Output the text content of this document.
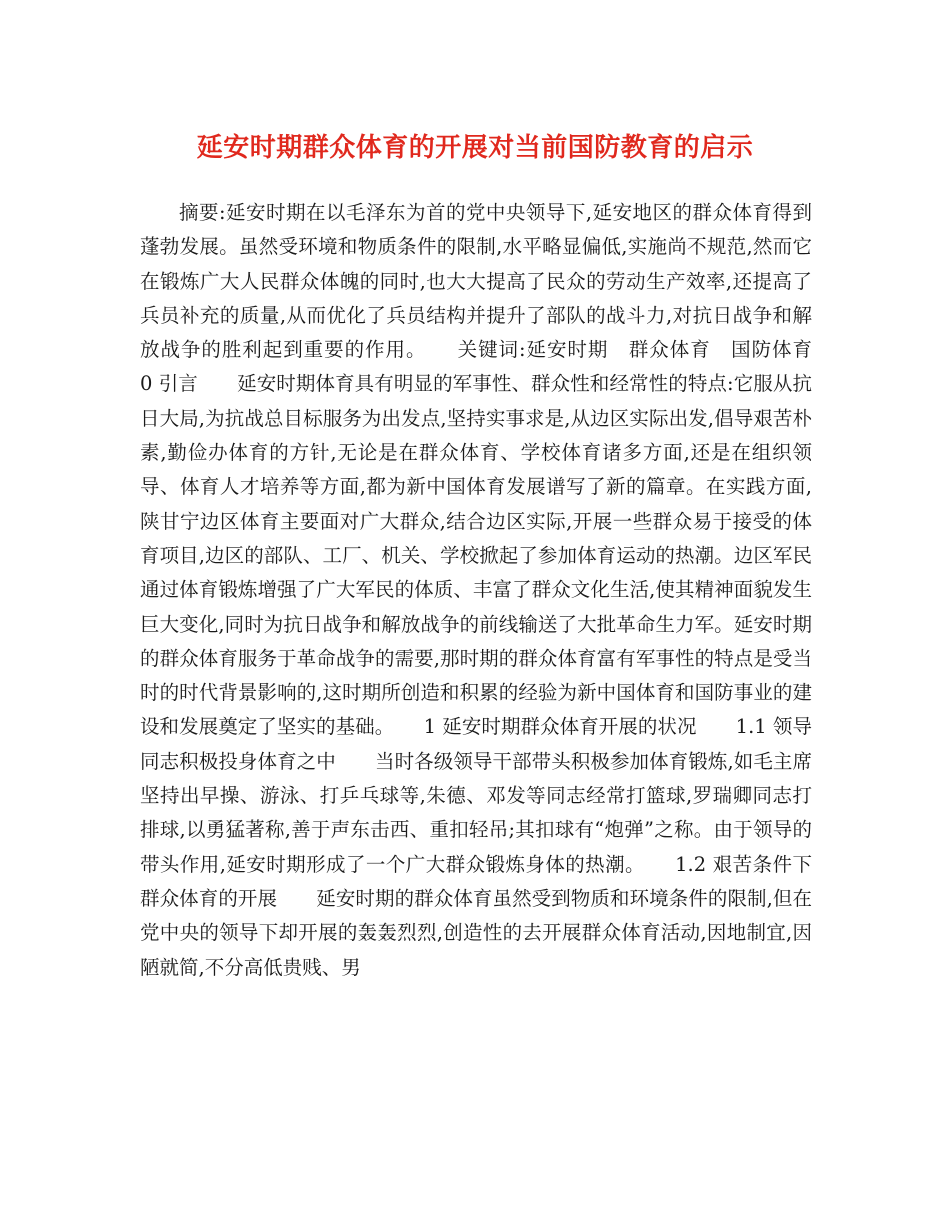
延安时期群众体育的开展对当前国防教育的启示

摘要:延安时期在以毛泽东为首的党中央领导下,延安地区的群众体育得到蓬勃发展。虽然受环境和物质条件的限制,水平略显偏低,实施尚不规范,然而它在锻炼广大人民群众体魄的同时,也大大提高了民众的劳动生产效率,还提高了兵员补充的质量,从而优化了兵员结构并提升了部队的战斗力,对抗日战争和解放战争的胜利起到重要的作用。　　关键词:延安时期　群众体育　国防体育　　　　0 引言　　延安时期体育具有明显的军事性、群众性和经常性的特点:它服从抗日大局,为抗战总目标服务为出发点,坚持实事求是,从边区实际出发,倡导艰苦朴素,勤俭办体育的方针,无论是在群众体育、学校体育诸多方面,还是在组织领导、体育人才培养等方面,都为新中国体育发展谱写了新的篇章。在实践方面,陕甘宁边区体育主要面对广大群众,结合边区实际,开展一些群众易于接受的体育项目,边区的部队、工厂、机关、学校掀起了参加体育运动的热潮。边区军民通过体育锻炼增强了广大军民的体质、丰富了群众文化生活,使其精神面貌发生巨大变化,同时为抗日战争和解放战争的前线输送了大批革命生力军。延安时期的群众体育服务于革命战争的需要,那时期的群众体育富有军事性的特点是受当时的时代背景影响的,这时期所创造和积累的经验为新中国体育和国防事业的建设和发展奠定了坚实的基础。　　1 延安时期群众体育开展的状况　　1.1 领导同志积极投身体育之中　　当时各级领导干部带头积极参加体育锻炼,如毛主席坚持出早操、游泳、打乒乓球等,朱德、邓发等同志经常打篮球,罗瑞卿同志打排球,以勇猛著称,善于声东击西、重扣轻吊;其扣球有“炮弹”之称。由于领导的带头作用,延安时期形成了一个广大群众锻炼身体的热潮。　　1.2 艰苦条件下群众体育的开展　　延安时期的群众体育虽然受到物质和环境条件的限制,但在党中央的领导下却开展的轰轰烈烈,创造性的去开展群众体育活动,因地制宜,因陋就简,不分高低贵贱、男
